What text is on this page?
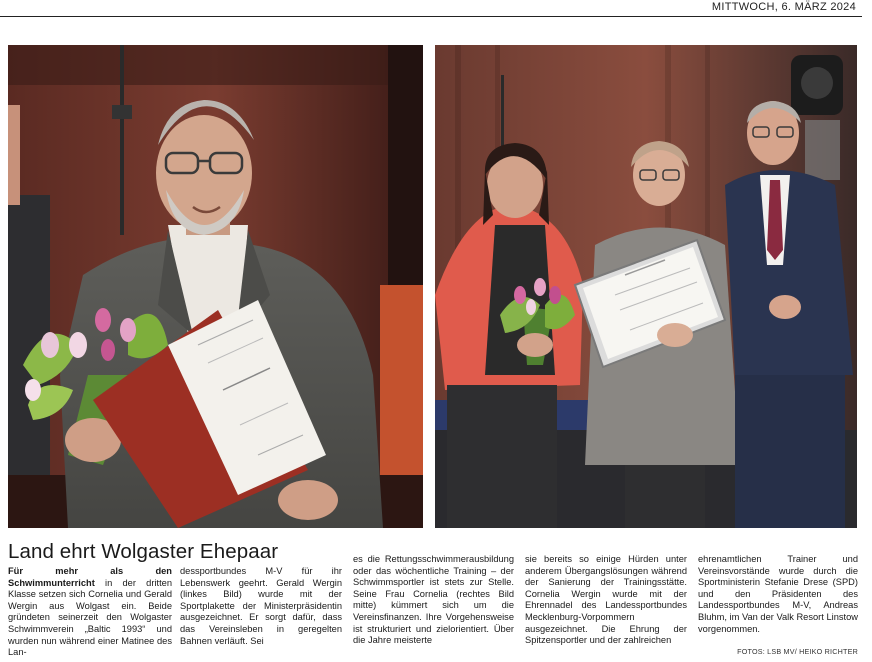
MITTWOCH, 6. MÄRZ 2024
Land ehrt Wolgaster Ehepaar

Für mehr als den Schwimmunterricht in der dritten Klasse setzen sich Cornelia und Gerald Wergin aus Wolgast ein. Beide gründeten seinerzeit den Wolgaster Schwimmverein „Baltic 1993“ und wurden nun während einer Matinee des Lan-

dessportbundes M-V für ihr Lebenswerk geehrt. Gerald Wergin (linkes Bild) wurde mit der Sportplakette der Ministerpräsidentin ausgezeichnet. Er sorgt dafür, dass das Vereinsleben in geregelten Bahnen verläuft. Sei

es die Rettungsschwimmerausbildung oder das wöchentliche Training – der Schwimmsportler ist stets zur Stelle. Seine Frau Cornelia (rechtes Bild mitte) kümmert sich um die Vereinsfinanzen. Ihre Vorgehensweise ist strukturiert und zielorientiert. Über die Jahre meisterte

sie bereits so einige Hürden unter anderem Übergangslösungen während der Sanierung der Trainingsstätte. Cornelia Wergin wurde mit der Ehrennadel des Landessportbundes Mecklenburg-Vorpommern ausgezeichnet. Die Ehrung der Spitzensportler und der zahlreichen

ehrenamtlichen Trainer und Vereinsvorstände wurde durch die Sportministerin Stefanie Drese (SPD) und den Präsidenten des Landessportbundes M-V, Andreas Bluhm, im Van der Valk Resort Linstow vorgenommen.

FOTOS: LSB MV/ HEIKO RICHTER
